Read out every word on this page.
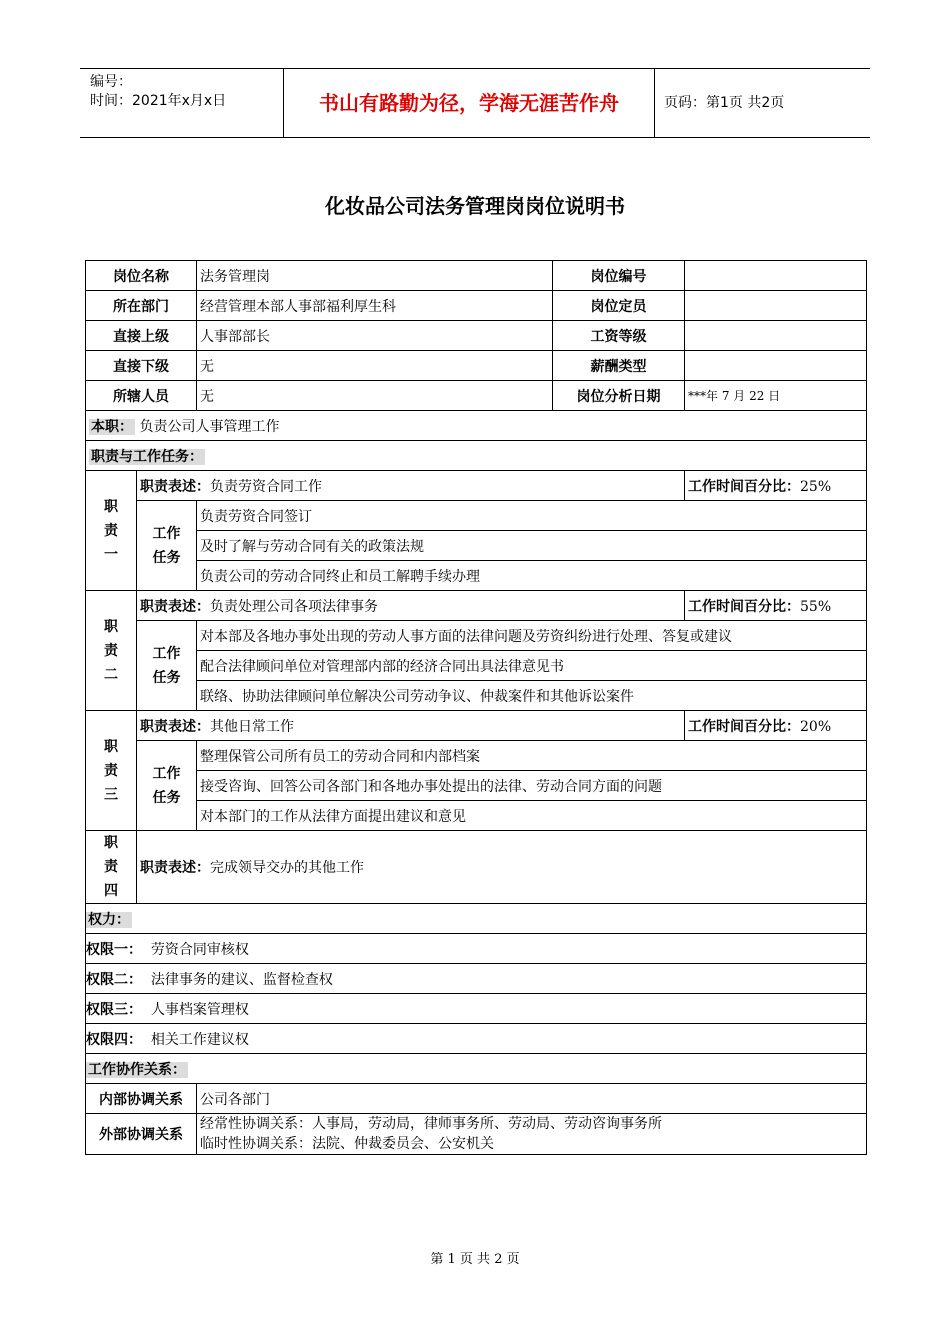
编号：
时间：2021年x月x日	书山有路勤为径，学海无涯苦作舟	页码：第1页 共2页
化妆品公司法务管理岗岗位说明书
岗位名称		法务管理岗	岗位编号	
所在部门		经营管理本部人事部福利厚生科	岗位定员	
直接上级		人事部部长	工资等级	
直接下级		无	薪酬类型	
所辖人员		无	岗位分析日期	***年 7 月 22 日
本职： 负责公司人事管理工作				
职责与工作任务：				

职
责
一	职责表述：负责劳资合同工作			工作时间百分比：25%

	工作
任务	负责劳资合同签订		
		及时了解与劳动合同有关的政策法规		
		负责公司的劳动合同终止和员工解聘手续办理		

职
责
二	职责表述：负责处理公司各项法律事务			工作时间百分比：55%

	工作
任务	对本部及各地办事处出现的劳动人事方面的法律问题及劳资纠纷进行处理、答复或建议		
		配合法律顾问单位对管理部内部的经济合同出具法律意见书		
		联络、协助法律顾问单位解决公司劳动争议、仲裁案件和其他诉讼案件		

职
责
三	职责表述：其他日常工作			工作时间百分比：20%

	工作
任务	整理保管公司所有员工的劳动合同和内部档案		
		接受咨询、回答公司各部门和各地办事处提出的法律、劳动合同方面的问题		
		对本部门的工作从法律方面提出建议和意见		

职
责
四	职责表述：完成领导交办的其他工作			
权力：				
权限一： 劳资合同审核权				
权限二： 法律事务的建议、监督检查权				
权限三： 人事档案管理权				
权限四： 相关工作建议权				
工作协作关系：				
内部协调关系		公司各部门		
外部协调关系		经常性协调关系：人事局，劳动局，律师事务所、劳动局、劳动咨询事务所
临时性协调关系：法院、仲裁委员会、公安机关		
第 1 页 共 2 页
